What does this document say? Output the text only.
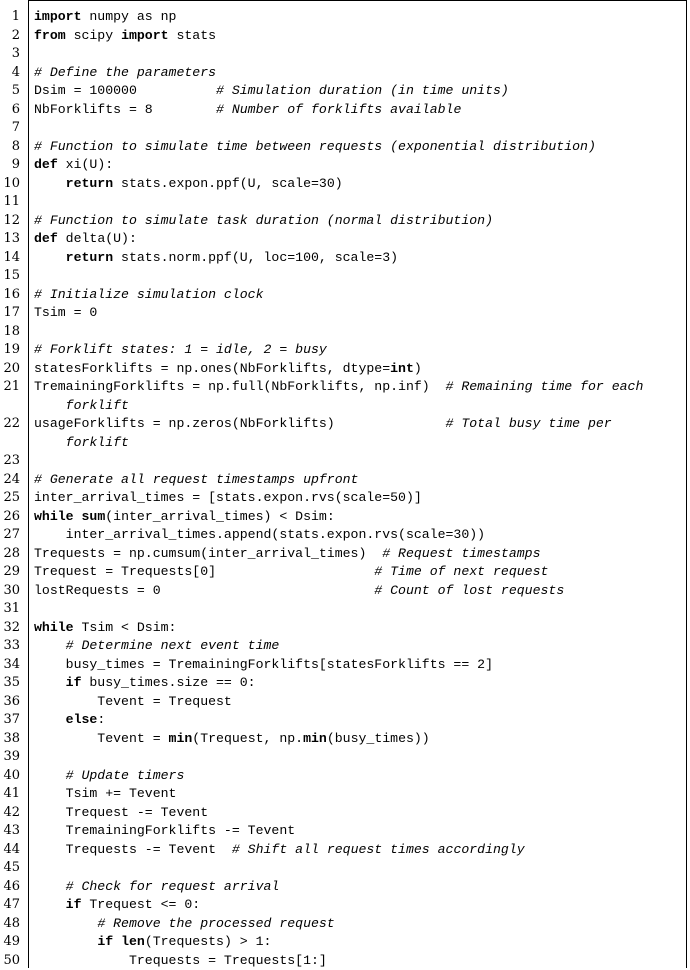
1
2
3
4
5
6
7
8
9
10
11
12
13
14
15
16
17
18
19
20
21
22
23
24
25
26
27
28
29
30
31
32
33
34
35
36
37
38
39
40
41
42
43
44
45
46
47
48
49
50
import numpy as np
from scipy import stats

# Define the parameters
Dsim = 100000          # Simulation duration (in time units)
NbForklifts = 8        # Number of forklifts available

# Function to simulate time between requests (exponential distribution)
def xi(U):
return stats.expon.ppf(U, scale=30)

# Function to simulate task duration (normal distribution)
def delta(U):
return stats.norm.ppf(U, loc=100, scale=3)

# Initialize simulation clock
Tsim = 0

# Forklift states: 1 = idle, 2 = busy
statesForklifts = np.ones(NbForklifts, dtype=int)
TremainingForklifts = np.full(NbForklifts, np.inf)  # Remaining time for each
forklift
usageForklifts = np.zeros(NbForklifts)              # Total busy time per
forklift

# Generate all request timestamps upfront
inter_arrival_times = [stats.expon.rvs(scale=50)]
while sum(inter_arrival_times) < Dsim:
inter_arrival_times.append(stats.expon.rvs(scale=30))
Trequests = np.cumsum(inter_arrival_times)  # Request timestamps
Trequest = Trequests[0]                    # Time of next request
lostRequests = 0                           # Count of lost requests

while Tsim < Dsim:
# Determine next event time
busy_times = TremainingForklifts[statesForklifts == 2]
if busy_times.size == 0:
Tevent = Trequest
else:
Tevent = min(Trequest, np.min(busy_times))

# Update timers
Tsim += Tevent
Trequest -= Tevent
TremainingForklifts -= Tevent
Trequests -= Tevent  # Shift all request times accordingly

# Check for request arrival
if Trequest <= 0:
# Remove the processed request
if len(Trequests) > 1:
Trequests = Trequests[1:]
